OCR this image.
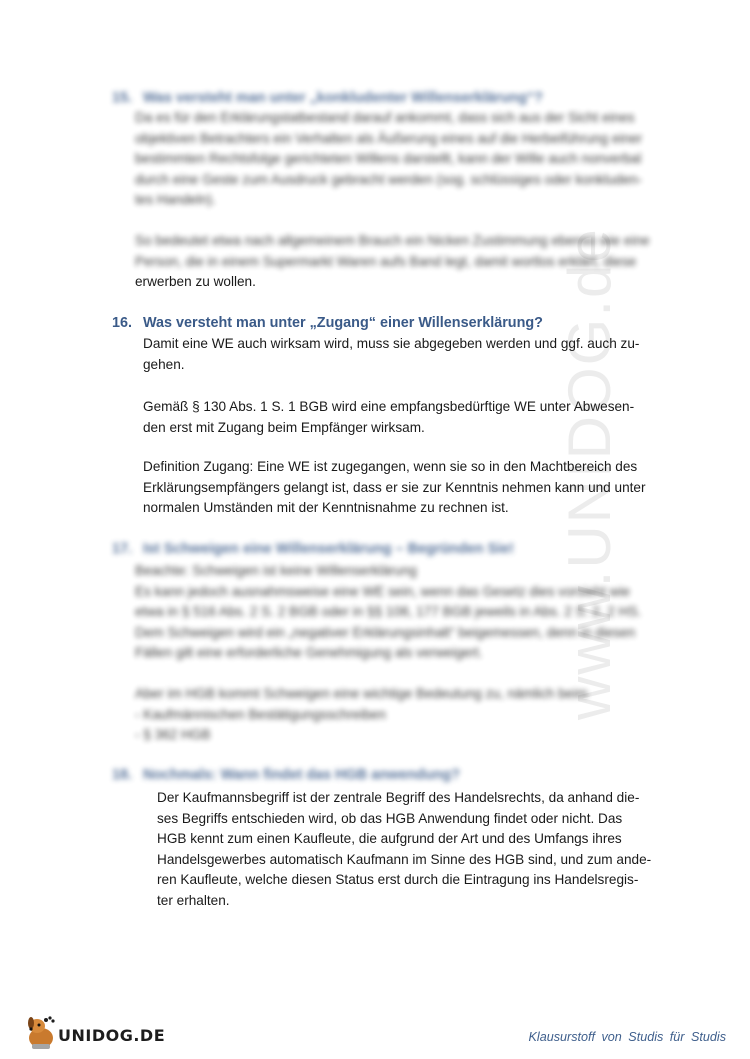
www.UNIDOG.de
15. Was versteht man unter „konkludenter Willenserklärung“?
Da es für den Erklärungstatbestand darauf ankommt, dass sich aus der Sicht eines
objektiven Betrachters ein Verhalten als Äußerung eines auf die Herbeiführung einer
bestimmten Rechtsfolge gerichteten Willens darstellt, kann der Wille auch nonverbal
durch eine Geste zum Ausdruck gebracht werden (sog. schlüssiges oder konkluden-
tes Handeln).
So bedeutet etwa nach allgemeinem Brauch ein Nicken Zustimmung ebenso wie eine
Person, die in einem Supermarkt Waren aufs Band legt, damit wortlos erklärt, diese
erwerben zu wollen.
16. Was versteht man unter „Zugang“ einer Willenserklärung?
Damit eine WE auch wirksam wird, muss sie abgegeben werden und ggf. auch zu-
gehen.
Gemäß § 130 Abs. 1 S. 1 BGB wird eine empfangsbedürftige WE unter Abwesen-
den erst mit Zugang beim Empfänger wirksam.
Definition Zugang: Eine WE ist zugegangen, wenn sie so in den Machtbereich des
Erklärungsempfängers gelangt ist, dass er sie zur Kenntnis nehmen kann und unter
normalen Umständen mit der Kenntnisnahme zu rechnen ist.
17. Ist Schweigen eine Willenserklärung – Begründen Sie!
Beachte: Schweigen ist keine Willenserklärung
Es kann jedoch ausnahmsweise eine WE sein, wenn das Gesetz dies vorsieht wie
etwa in § 516 Abs. 2 S. 2 BGB oder in §§ 108, 177 BGB jeweils in Abs. 2 S. 2, 2 HS.
Dem Schweigen wird ein „negativer Erklärungsinhalt“ beigemessen, denn in diesen
Fällen gilt eine erforderliche Genehmigung als verweigert.
Aber im HGB kommt Schweigen eine wichtige Bedeutung zu, nämlich beim
- Kaufmännischen Bestätigungsschreiben
- § 362 HGB
18. Nochmals: Wann findet das HGB anwendung?
Der Kaufmannsbegriff ist der zentrale Begriff des Handelsrechts, da anhand die-
ses Begriffs entschieden wird, ob das HGB Anwendung findet oder nicht. Das
HGB kennt zum einen Kaufleute, die aufgrund der Art und des Umfangs ihres
Handelsgewerbes automatisch Kaufmann im Sinne des HGB sind, und zum ande-
ren Kaufleute, welche diesen Status erst durch die Eintragung ins Handelsregis-
ter erhalten.
UNIDOG.DE	Klausurstoff von Studis für Studis
